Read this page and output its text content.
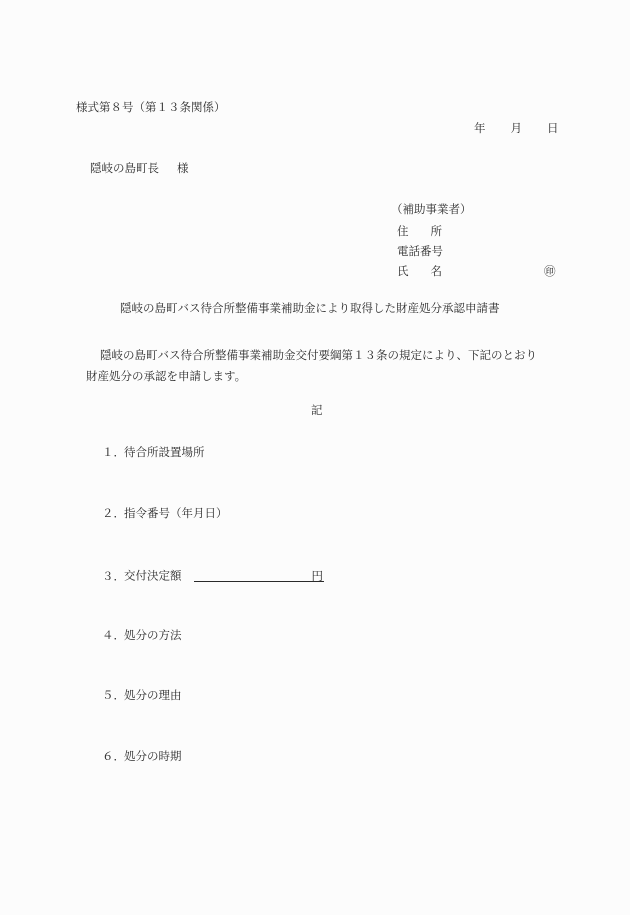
様式第８号（第１３条関係）
年 月 日
隠岐の島町長 様
（補助事業者）
住 所
電話番号
氏 名	㊞
隠岐の島町バス待合所整備事業補助金により取得した財産処分承認申請書

隠岐の島町バス待合所整備事業補助金交付要綱第１３条の規定により、下記のとおり

財産処分の承認を申請します。

記
１．待合所設置場所
２．指令番号（年月日）
３．交付決定額	円
４．処分の方法
５．処分の理由
６．処分の時期
